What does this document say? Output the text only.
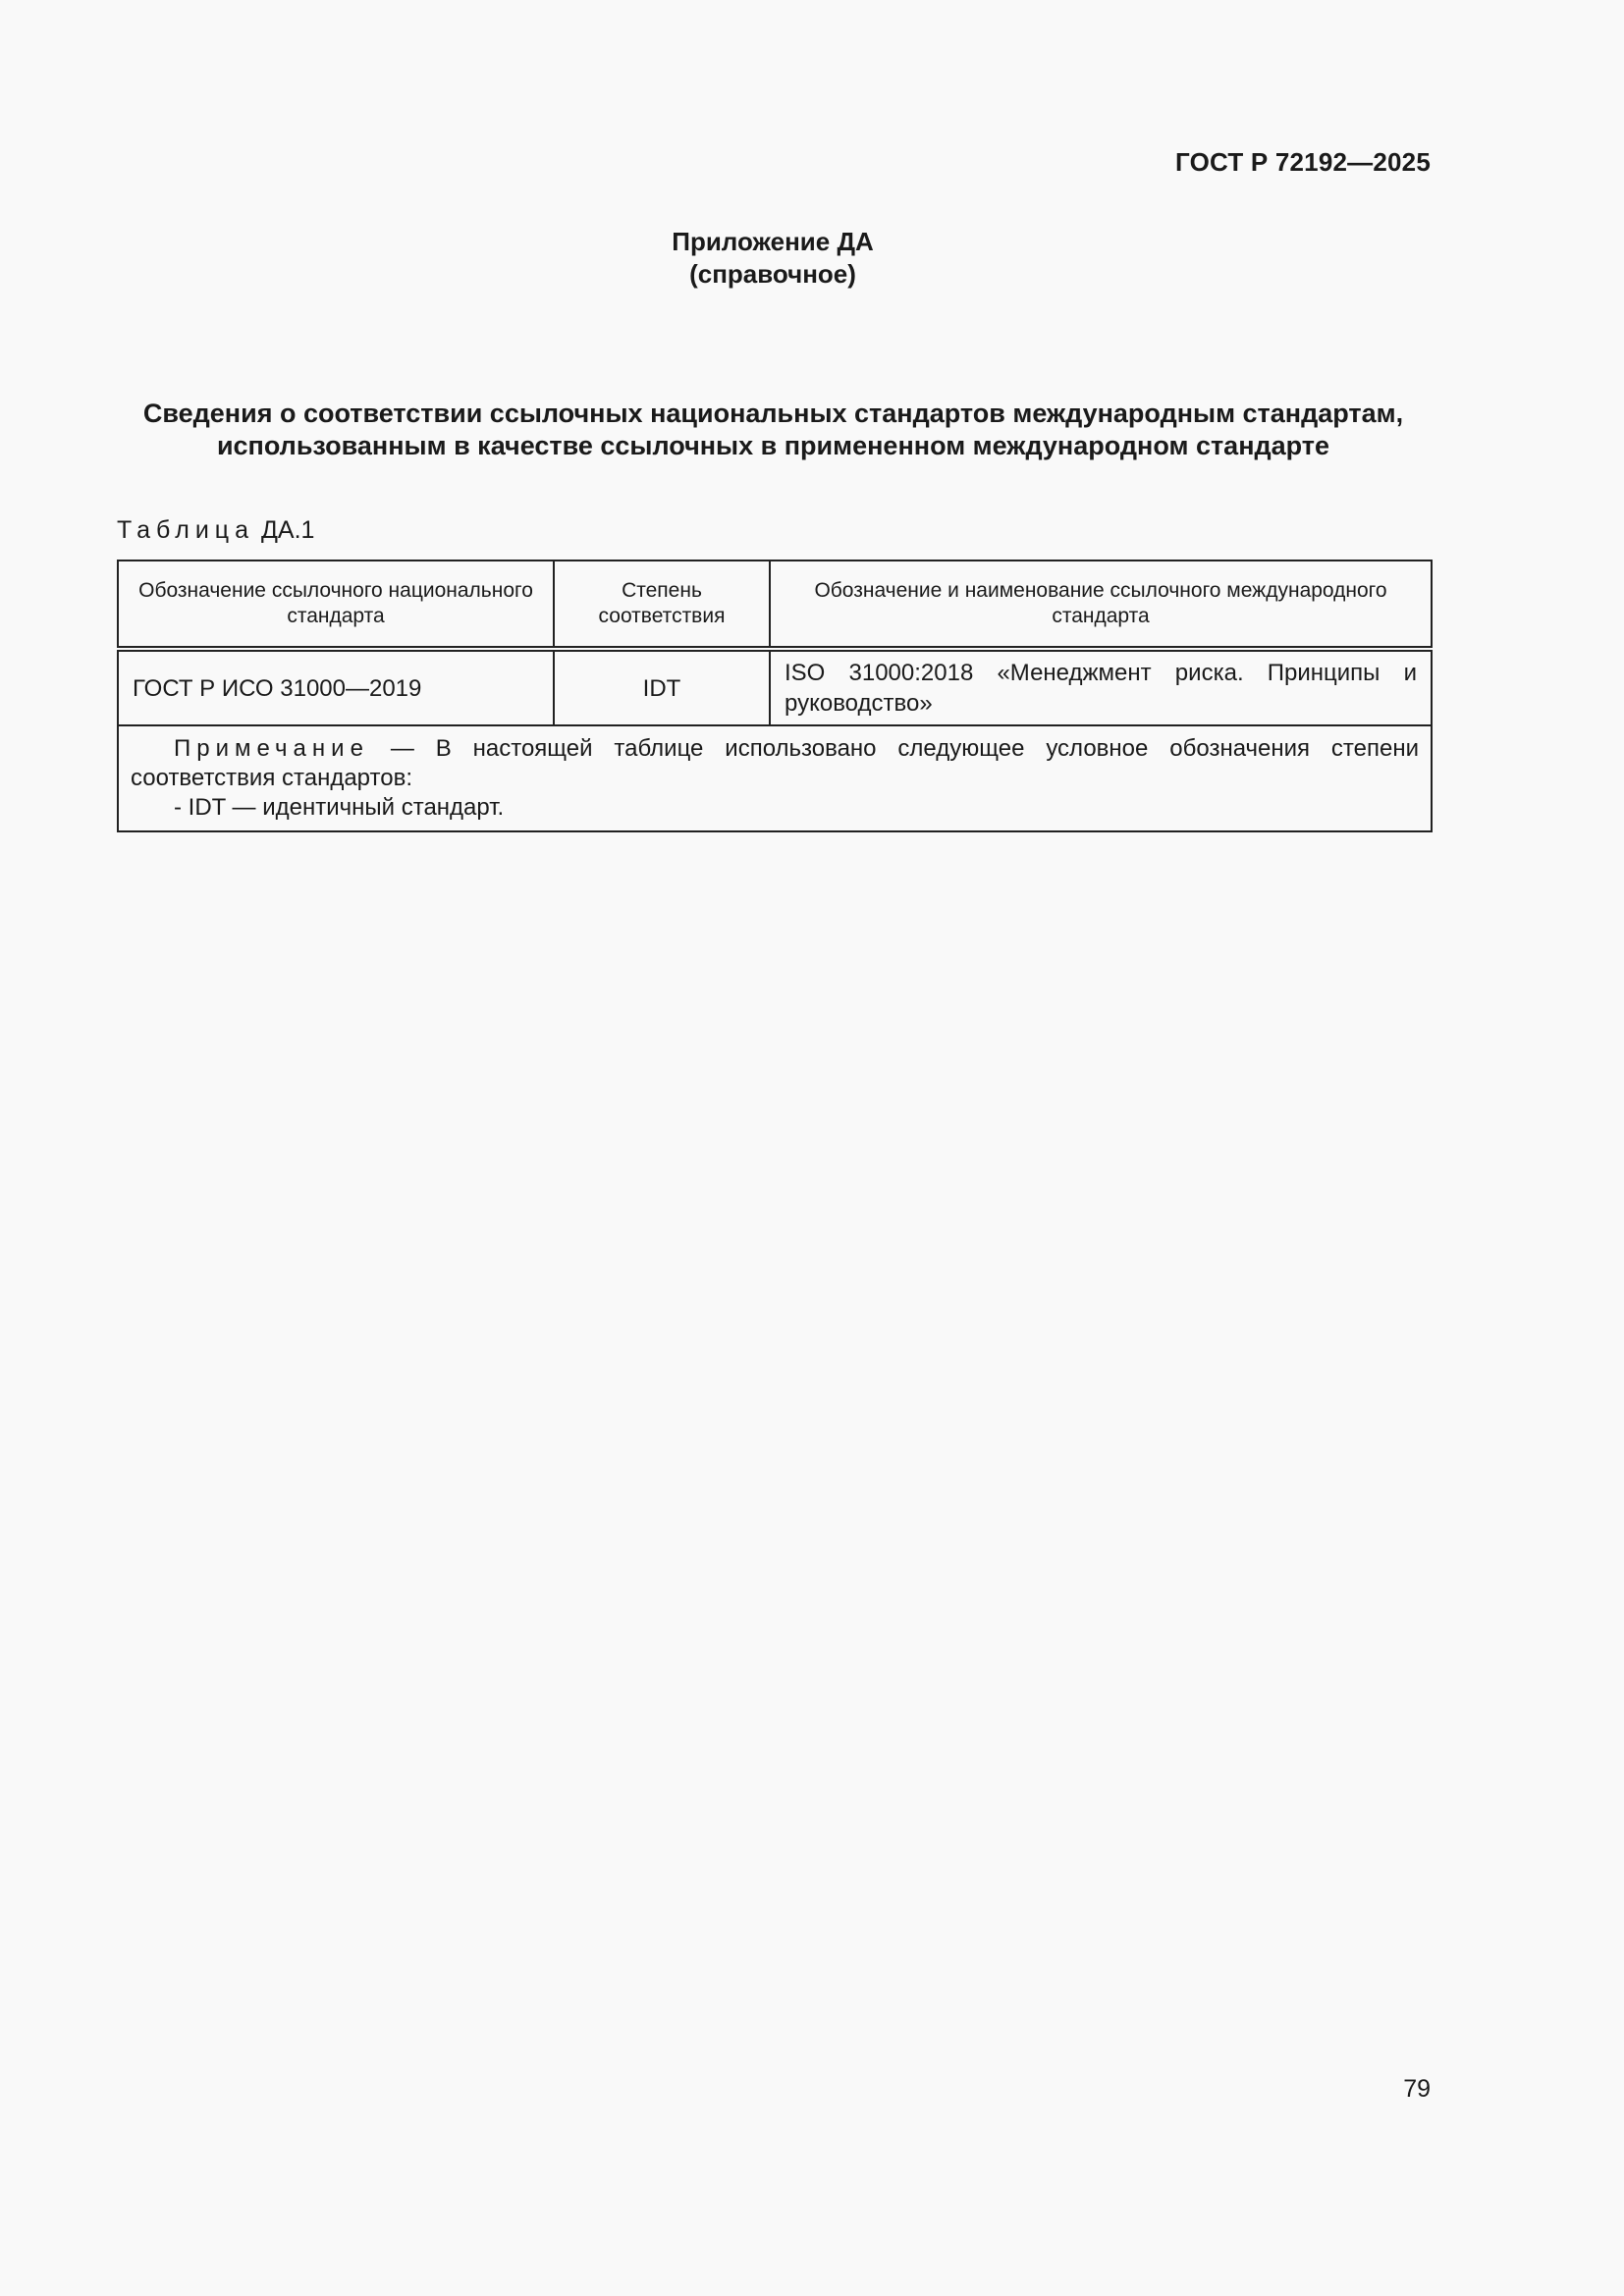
ГОСТ Р 72192—2025
Приложение ДА
(справочное)
Сведения о соответствии ссылочных национальных стандартов международным стандартам,
использованным в качестве ссылочных в примененном международном стандарте
Таблица ДА.1
Обозначение ссылочного национального стандарта	Степень соответствия	Обозначение и наименование ссылочного международного стандарта
ГОСТ Р ИСО 31000—2019	IDT	ISO 31000:2018 «Менеджмент риска. Принципы и руководство»

Примечание — В настоящей таблице использовано следующее условное обозначения степени соответствия стандартов:
- IDT — идентичный стандарт.		
79
